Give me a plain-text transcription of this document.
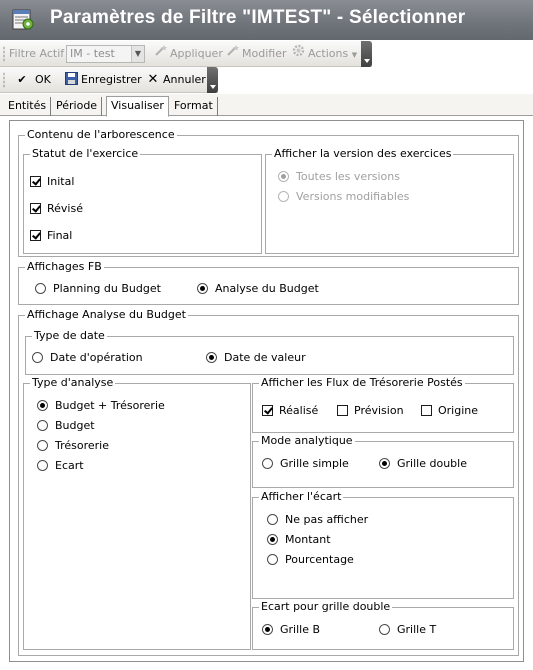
Paramètres de Filtre "IMTEST" - Sélectionner
Filtre Actif IM - test	▼	Appliquer	Modifier	Actions ▼
✔ OK	Enregistrer ✕ Annuler
Entités Période	Visualiser Format
Contenu de l'arborescence
Statut de l'exercice
Inital
Révisé
Final
Afficher la version des exercices
Toutes les versions
Versions modifiables
Affichages FB
Planning du Budget	Analyse du Budget
Affichage Analyse du Budget
Type de date
Date d'opération	Date de valeur
Type d'analyse
Budget + Trésorerie
Budget
Trésorerie
Ecart
Afficher les Flux de Trésorerie Postés
Réalisé	Prévision	Origine
Mode analytique
Grille simple	Grille double
Afficher l'écart
Ne pas afficher
Montant
Pourcentage
Ecart pour grille double
Grille B	Grille T
